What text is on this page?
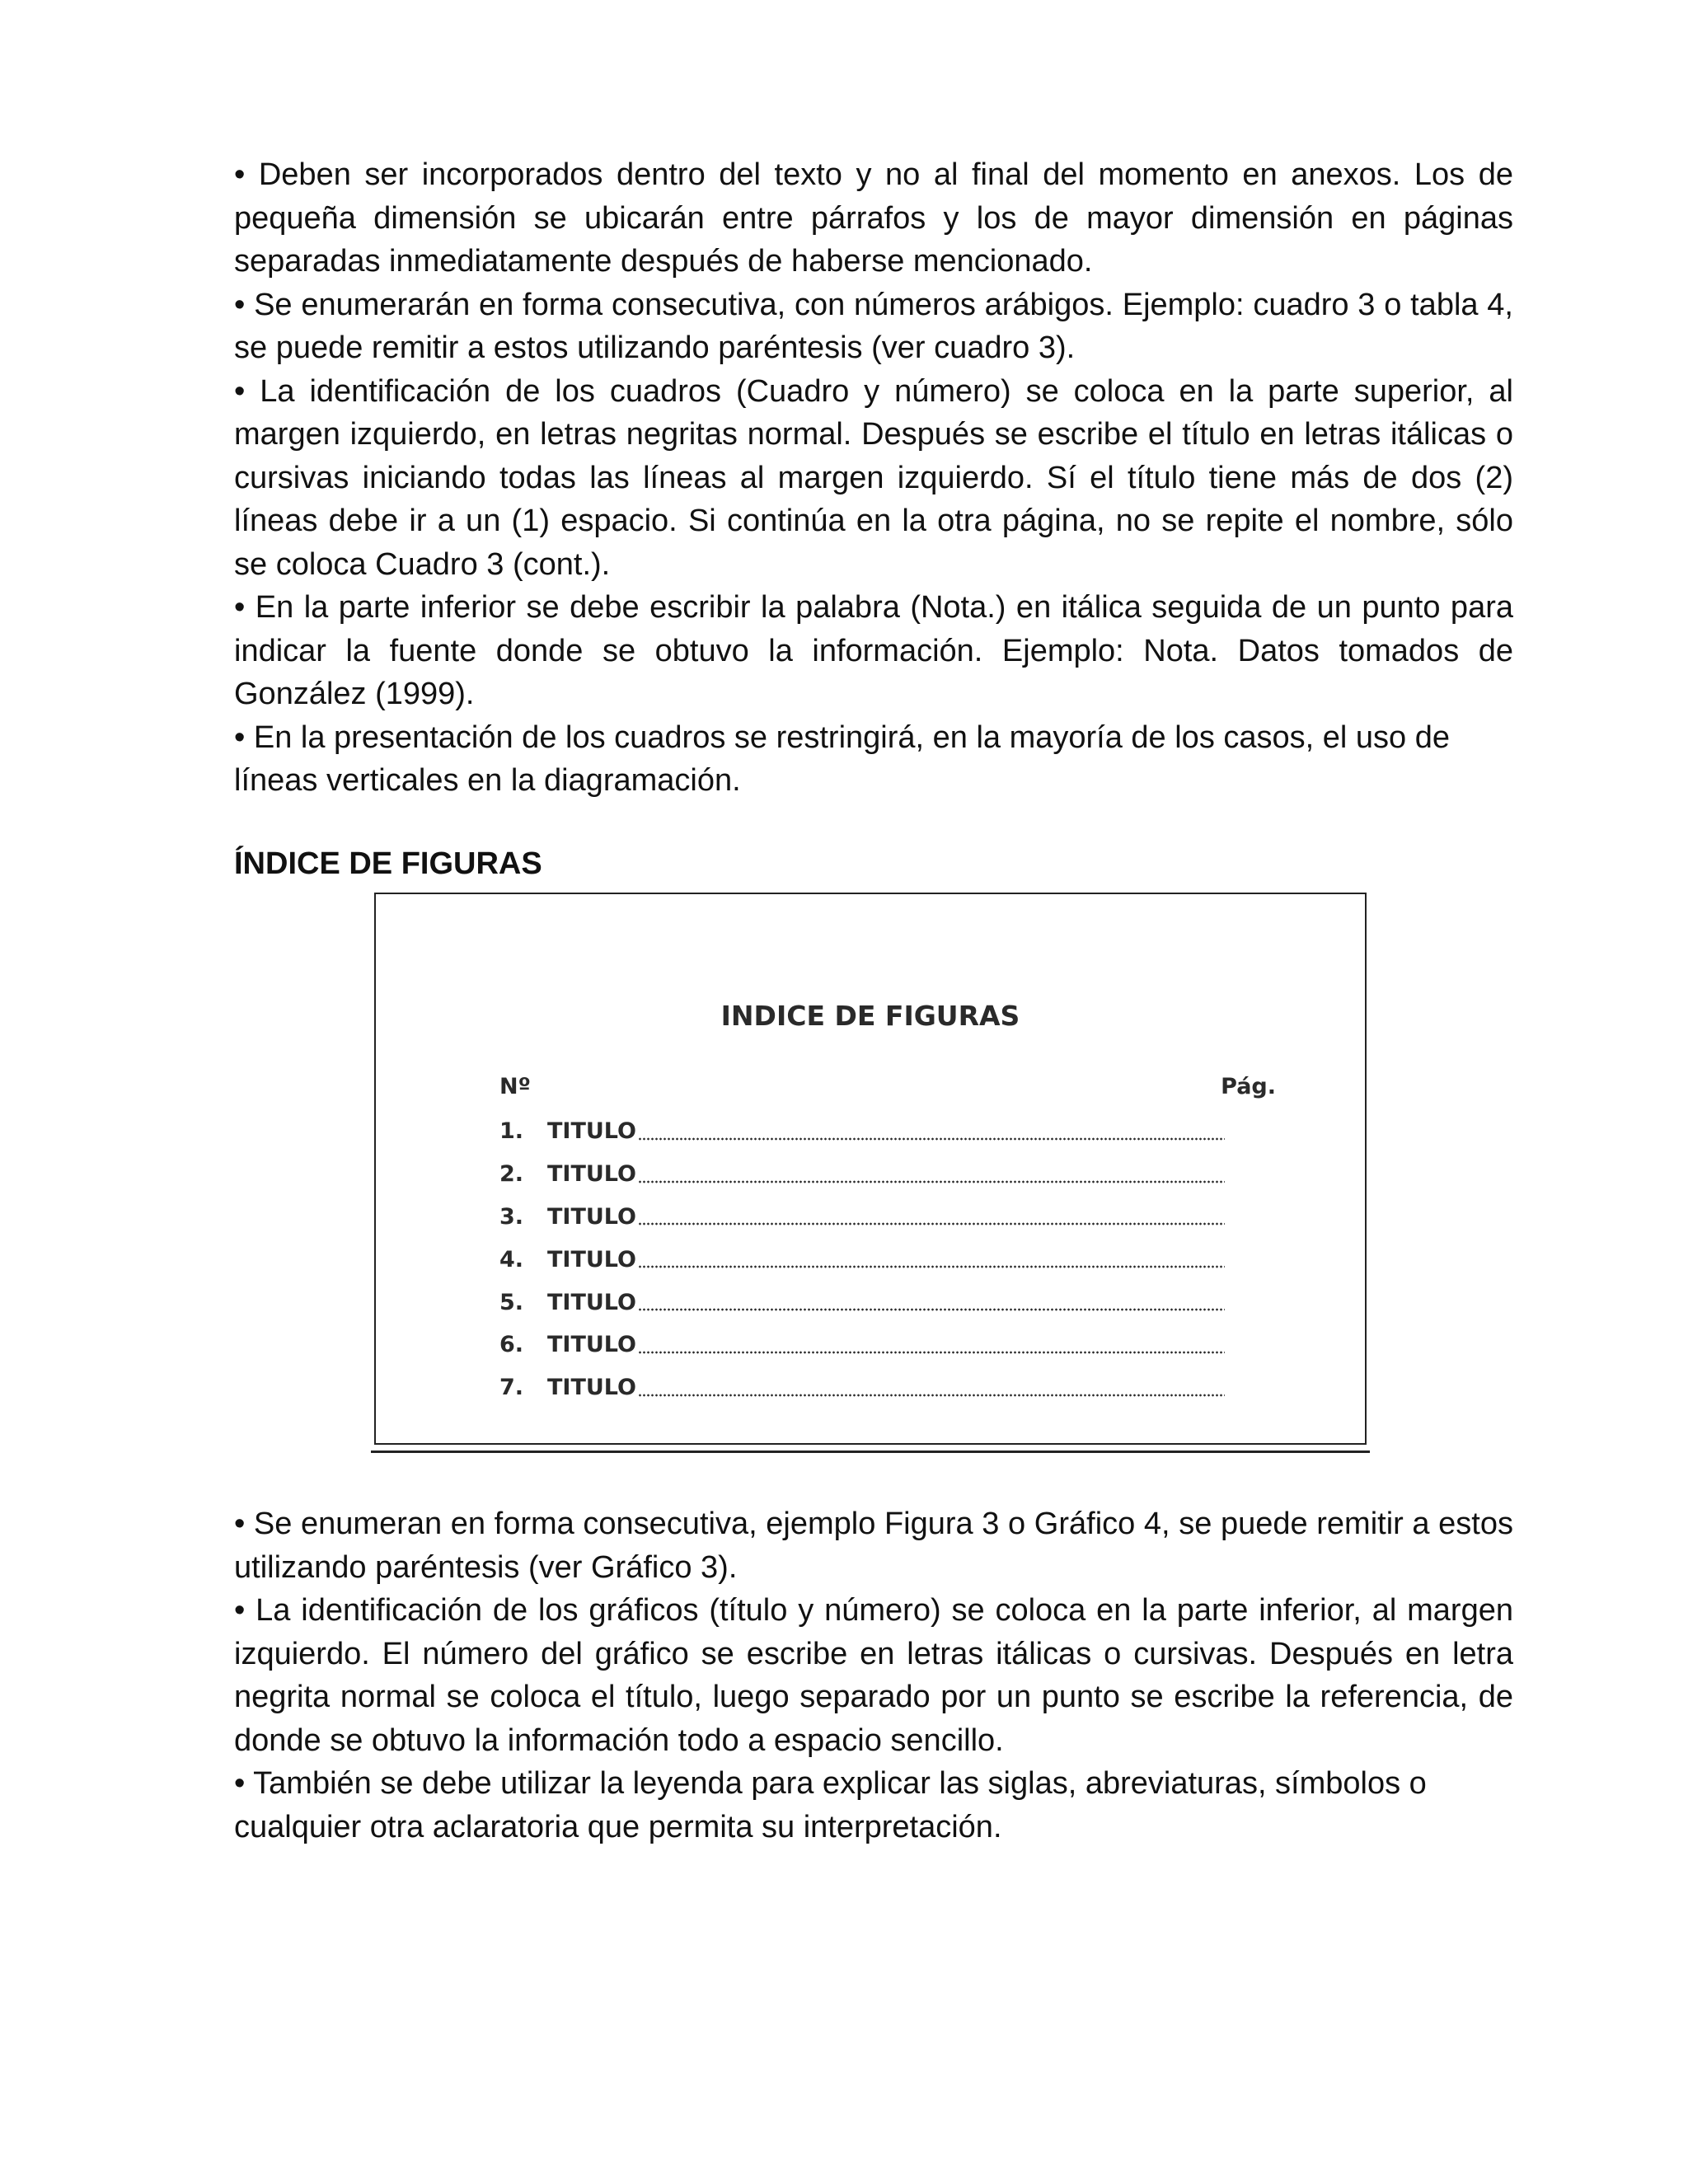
• Deben ser incorporados dentro del texto y no al final del momento en anexos. Los de pequeña dimensión se ubicarán entre párrafos y los de mayor dimensión en páginas separadas inmediatamente después de haberse mencionado.

• Se enumerarán en forma consecutiva, con números arábigos. Ejemplo: cuadro 3 o tabla 4, se puede remitir a estos utilizando paréntesis (ver cuadro 3).

• La identificación de los cuadros (Cuadro y número) se coloca en la parte superior, al margen izquierdo, en letras negritas normal. Después se escribe el título en letras itálicas o cursivas iniciando todas las líneas al margen izquierdo. Sí el título tiene más de dos (2) líneas debe ir a un (1) espacio. Si continúa en la otra página, no se repite el nombre, sólo se coloca Cuadro 3 (cont.).

• En la parte inferior se debe escribir la palabra (Nota.) en itálica seguida de un punto para indicar la fuente donde se obtuvo la información. Ejemplo: Nota. Datos tomados de González (1999).

• En la presentación de los cuadros se restringirá, en la mayoría de los casos, el uso de líneas verticales en la diagramación.

ÍNDICE DE FIGURAS
INDICE DE FIGURAS
Nº	Pág.
1.	TITULO
2.	TITULO
3.	TITULO
4.	TITULO
5.	TITULO
6.	TITULO
7.	TITULO

• Se enumeran en forma consecutiva, ejemplo Figura 3 o Gráfico 4, se puede remitir a estos utilizando paréntesis (ver Gráfico 3).

• La identificación de los gráficos (título y número) se coloca en la parte inferior, al margen izquierdo. El número del gráfico se escribe en letras itálicas o cursivas. Después en letra negrita normal se coloca el título, luego separado por un punto se escribe la referencia, de donde se obtuvo la información todo a espacio sencillo.

• También se debe utilizar la leyenda para explicar las siglas, abreviaturas, símbolos o cualquier otra aclaratoria que permita su interpretación.
